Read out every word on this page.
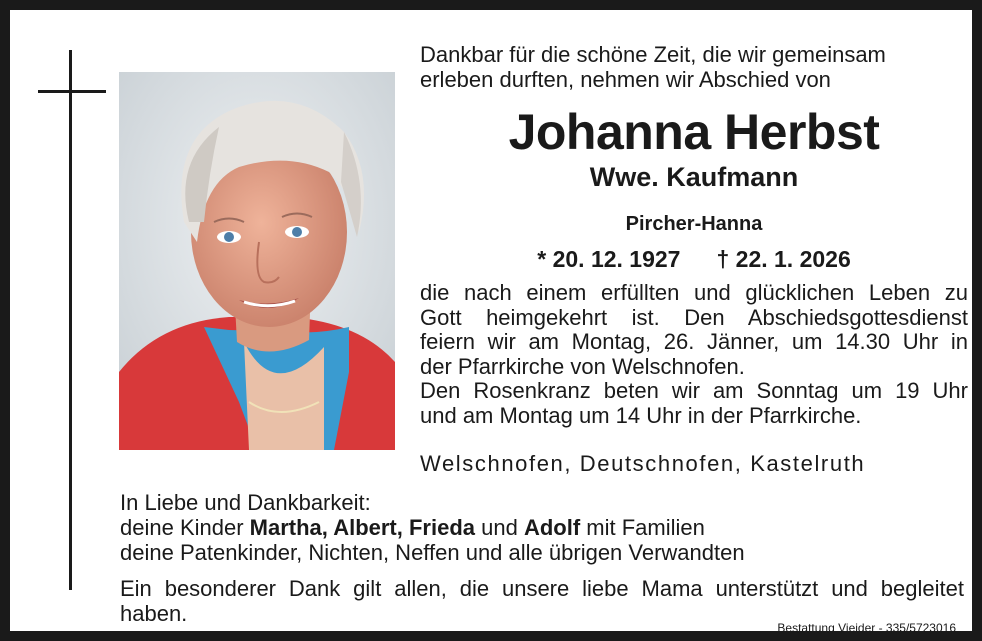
Dankbar für die schöne Zeit, die wir gemeinsam
erleben durften, nehmen wir Abschied von
Johanna Herbst
Wwe. Kaufmann
Pircher-Hanna
* 20. 12. 1927 † 22. 1. 2026
die nach einem erfüllten und glücklichen Leben zu
Gott heimgekehrt ist. Den Abschiedsgottesdienst
feiern wir am Montag, 26. Jänner, um 14.30 Uhr in
der Pfarrkirche von Welschnofen.
Den Rosenkranz beten wir am Sonntag um 19 Uhr
und am Montag um 14 Uhr in der Pfarrkirche.
Welschnofen, Deutschnofen, Kastelruth
In Liebe und Dankbarkeit:
deine Kinder Martha, Albert, Frieda und Adolf mit Familien
deine Patenkinder, Nichten, Neffen und alle übrigen Verwandten
Ein besonderer Dank gilt allen, die unsere liebe Mama unterstützt und begleitet
haben.
Bestattung Vieider - 335/5723016
